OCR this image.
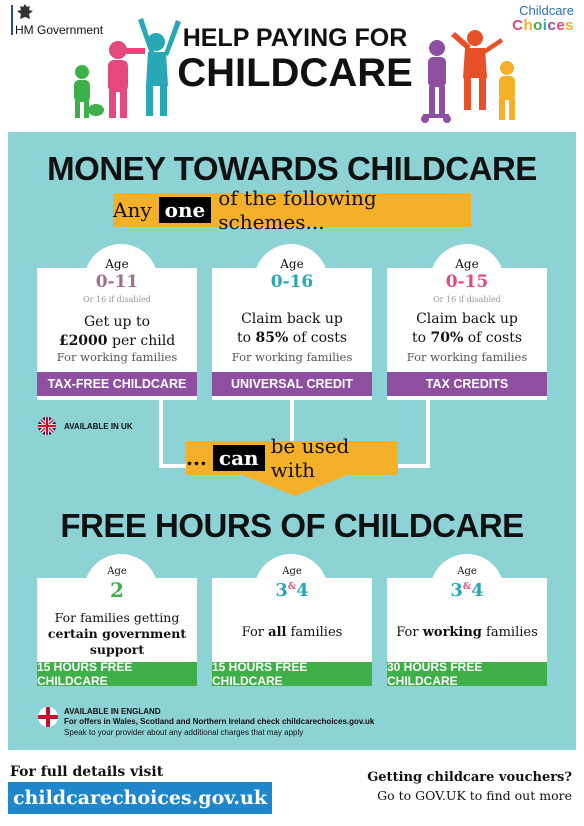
HM Government
Childcare
Choices
HELP PAYING FOR
CHILDCARE
MONEY TOWARDS CHILDCARE
Any one of the following schemes...
Age
0-11
Or 16 if disabled
Get up to
£2000 per child
For working families
TAX-FREE CHILDCARE
Age
0-16
Claim back up
to 85% of costs
For working families
UNIVERSAL CREDIT
Age
0-15
Or 16 if disabled
Claim back up
to 70% of costs
For working families
TAX CREDITS
AVAILABLE IN UK
... can be used with
FREE HOURS OF CHILDCARE
Age
2
For families getting
certain government
support
15 HOURS FREE CHILDCARE
Age
3&4
For all families
15 HOURS FREE CHILDCARE
Age
3&4
For working families
30 HOURS FREE CHILDCARE
AVAILABLE IN ENGLAND
For offers in Wales, Scotland and Northern Ireland check childcarechoices.gov.uk
Speak to your provider about any additional charges that may apply
For full details visit
childcarechoices.gov.uk
Getting childcare vouchers?
Go to GOV.UK to find out more
